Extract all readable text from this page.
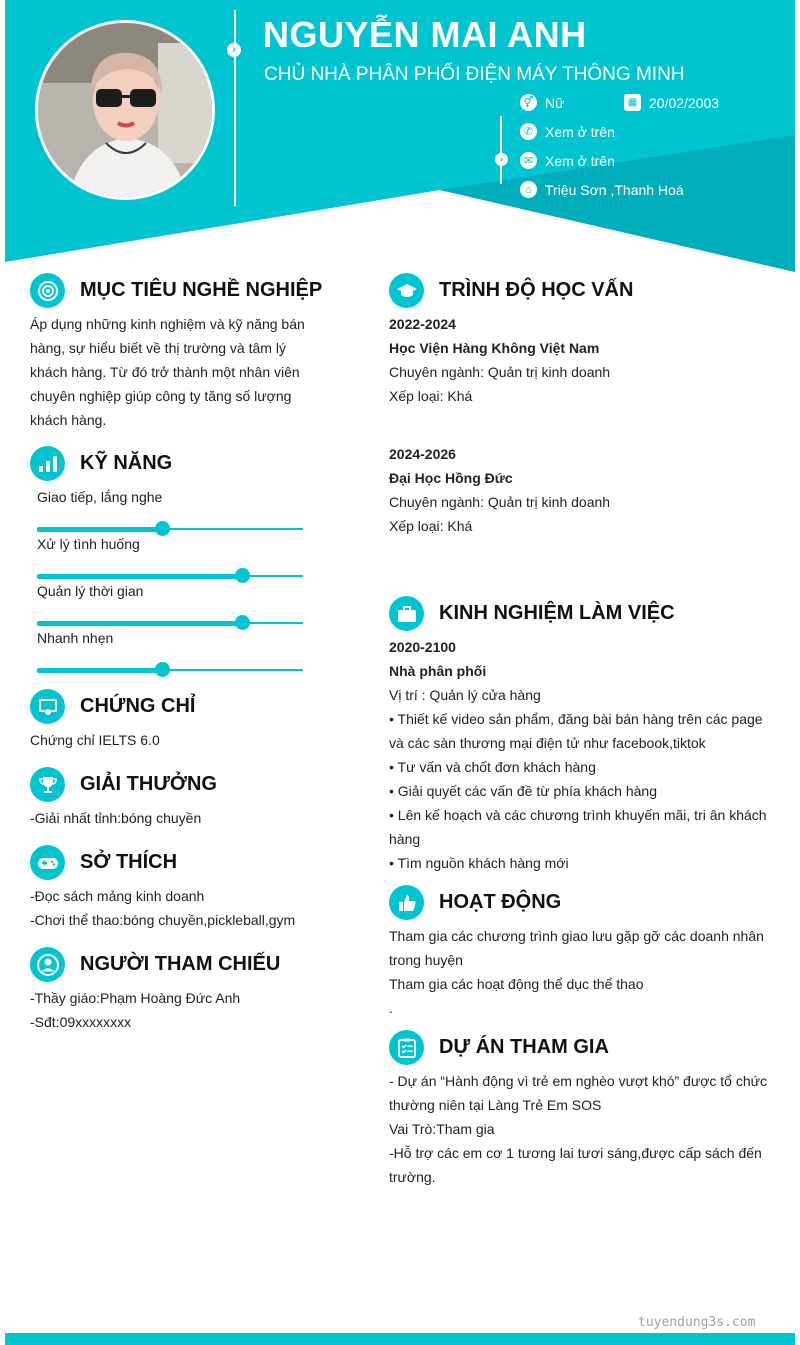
› NGUYỄN MAI ANH
CHỦ NHÀ PHÂN PHỐI ĐIỆN MÁY THÔNG MINH
›
⚥ Nữ	▦ 20/02/2003
✆ Xem ở trên
✉ Xem ở trên
⌂ Triệu Sơn ,Thanh Hoá
MỤC TIÊU NGHỀ NGHIỆP
Áp dụng những kinh nghiệm và kỹ năng bán
hàng, sự hiểu biết về thị trường và tâm lý
khách hàng. Từ đó trở thành một nhân viên
chuyên nghiệp giúp công ty tăng số lượng
khách hàng.
KỸ NĂNG
Giao tiếp, lắng nghe
Xử lý tình huống
Quản lý thời gian
Nhanh nhẹn
CHỨNG CHỈ
Chứng chỉ IELTS 6.0
GIẢI THƯỞNG
-Giải nhất tỉnh:bóng chuyền
SỞ THÍCH
-Đọc sách mảng kinh doanh
-Chơi thể thao:bóng chuyền,pickleball,gym
NGƯỜI THAM CHIẾU
-Thầy giáo:Phạm Hoàng Đức Anh
-Sđt:09xxxxxxxx
TRÌNH ĐỘ HỌC VẤN
2022-2024
Học Viện Hàng Không Việt Nam
Chuyên ngành: Quản trị kinh doanh
Xếp loại: Khá
2024-2026
Đại Học Hồng Đức
Chuyên ngành: Quản trị kinh doanh
Xếp loại: Khá
KINH NGHIỆM LÀM VIỆC
2020-2100
Nhà phân phối
Vị trí : Quản lý cửa hàng
• Thiết kế video sản phẩm, đăng bài bán hàng trên các page
và các sàn thương mại điện tử như facebook,tiktok
• Tư vấn và chốt đơn khách hàng
• Giải quyết các vấn đề từ phía khách hàng
• Lên kế hoạch và các chương trình khuyến mãi, tri ân khách
hàng
• Tìm nguồn khách hàng mới
HOẠT ĐỘNG
Tham gia các chương trình giao lưu gặp gỡ các doanh nhân
trong huyện
Tham gia các hoạt động thể dục thể thao
.
DỰ ÁN THAM GIA
- Dự án “Hành động vì trẻ em nghèo vượt khó” được tổ chức
thường niên tại Làng Trẻ Em SOS
Vai Trò:Tham gia
-Hỗ trợ các em cơ 1 tương lai tươi sáng,được cấp sách đến
trường.
tuyendung3s.com
